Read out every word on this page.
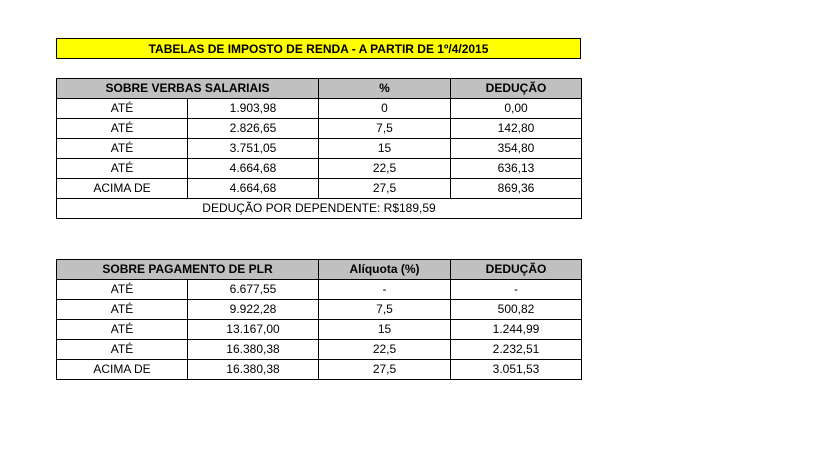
TABELAS DE IMPOSTO DE RENDA - A PARTIR DE 1º/4/2015
SOBRE VERBAS SALARIAIS		%	DEDUÇÃO
ATÉ	1.903,98	0	0,00
ATÉ	2.826,65	7,5	142,80
ATÉ	3.751,05	15	354,80
ATÉ	4.664,68	22,5	636,13
ACIMA DE	4.664,68	27,5	869,36
DEDUÇÃO POR DEPENDENTE: R$189,59			
SOBRE PAGAMENTO DE PLR		Alíquota (%)	DEDUÇÃO
ATÉ	6.677,55	-	-
ATÉ	9.922,28	7,5	500,82
ATÉ	13.167,00	15	1.244,99
ATÉ	16.380,38	22,5	2.232,51
ACIMA DE	16.380,38	27,5	3.051,53
